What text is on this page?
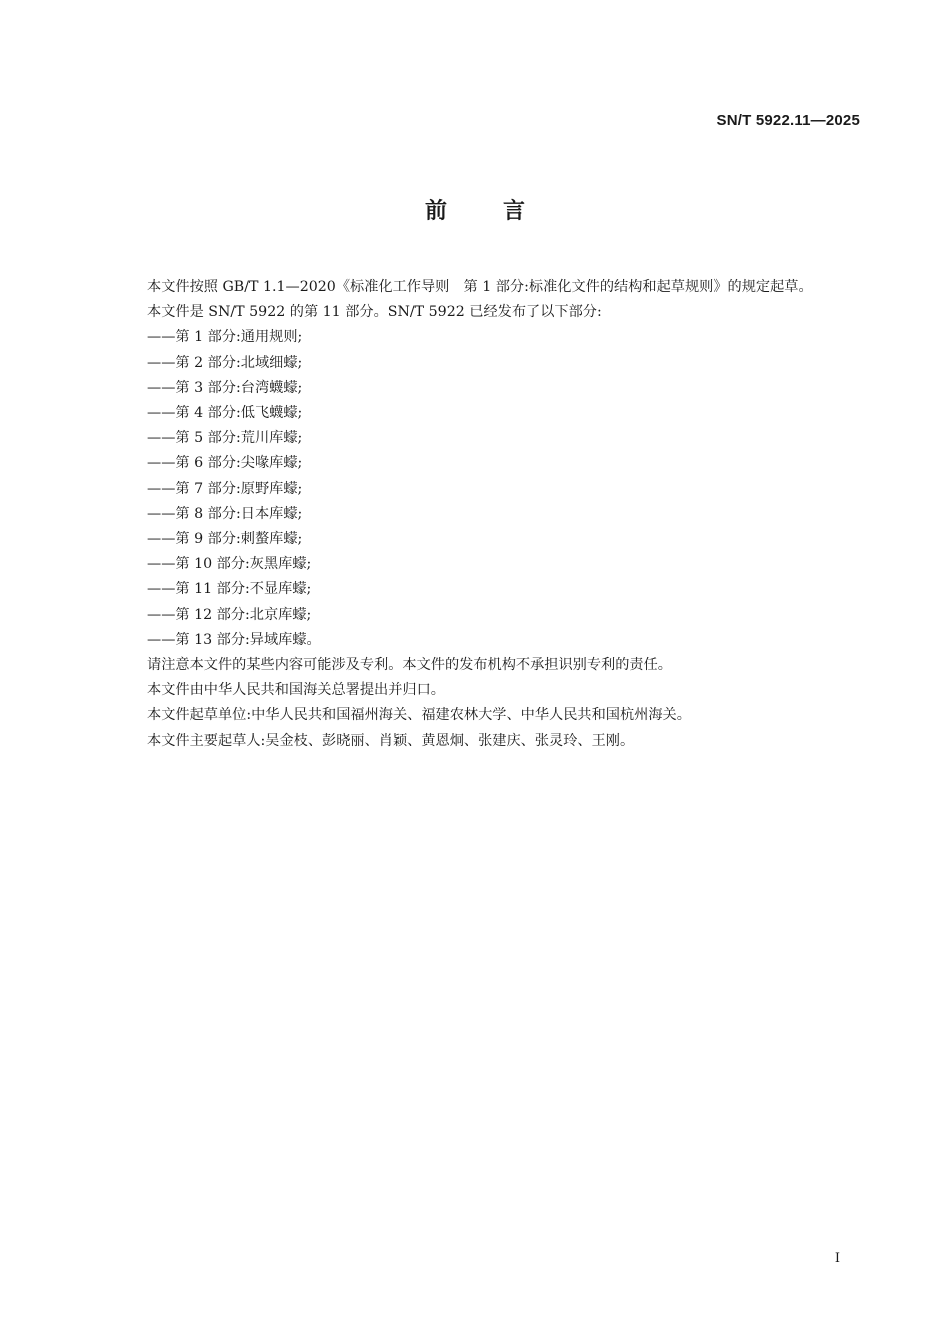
SN/T 5922.11—2025
前言

本文件按照 GB/T 1.1—2020《标准化工作导则　第 1 部分:标准化文件的结构和起草规则》的规定起草。

本文件是 SN/T 5922 的第 11 部分。SN/T 5922 已经发布了以下部分:

——第 1 部分:通用规则;

——第 2 部分:北域细蠓;

——第 3 部分:台湾蠛蠓;

——第 4 部分:低飞蠛蠓;

——第 5 部分:荒川库蠓;

——第 6 部分:尖喙库蠓;

——第 7 部分:原野库蠓;

——第 8 部分:日本库蠓;

——第 9 部分:刺螯库蠓;

——第 10 部分:灰黑库蠓;

——第 11 部分:不显库蠓;

——第 12 部分:北京库蠓;

——第 13 部分:异域库蠓。

请注意本文件的某些内容可能涉及专利。本文件的发布机构不承担识别专利的责任。

本文件由中华人民共和国海关总署提出并归口。

本文件起草单位:中华人民共和国福州海关、福建农林大学、中华人民共和国杭州海关。

本文件主要起草人:吴金枝、彭晓丽、肖颖、黄恩炯、张建庆、张灵玲、王刚。

I
